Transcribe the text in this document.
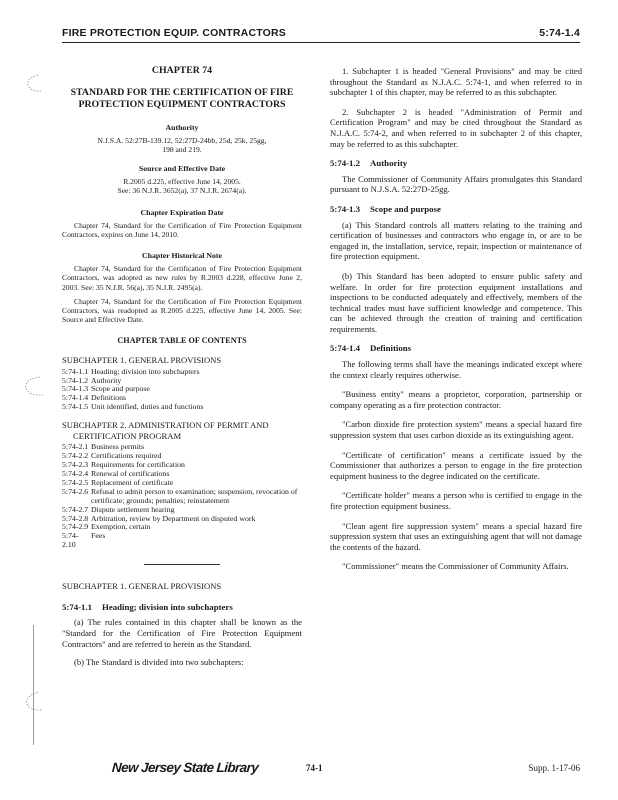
FIRE PROTECTION EQUIP. CONTRACTORS	5:74-1.4
CHAPTER 74
STANDARD FOR THE CERTIFICATION OF FIRE PROTECTION EQUIPMENT CONTRACTORS
Authority
N.J.S.A. 52:27B-139.12, 52:27D-24bb, 25d, 25k, 25gg, 198 and 219.
Source and Effective Date
R.2005 d.225, effective June 14, 2005.
See: 36 N.J.R. 3652(a), 37 N.J.R. 2674(a).
Chapter Expiration Date

Chapter 74, Standard for the Certification of Fire Protection Equipment Contractors, expires on June 14, 2010.

Chapter Historical Note

Chapter 74, Standard for the Certification of Fire Protection Equipment Contractors, was adopted as new rules by R.2003 d.228, effective June 2, 2003. See: 35 N.J.R. 56(a), 35 N.J.R. 2495(a).

Chapter 74, Standard for the Certification of Fire Protection Equipment Contractors, was readopted as R.2005 d.225, effective June 14, 2005. See: Source and Effective Date.

CHAPTER TABLE OF CONTENTS
SUBCHAPTER 1. GENERAL PROVISIONS
5:74-1.1 Heading; division into subchapters
5:74-1.2 Authority
5:74-1.3 Scope and purpose
5:74-1.4 Definitions
5:74-1.5 Unit identified, duties and functions
SUBCHAPTER 2. ADMINISTRATION OF PERMIT AND
CERTIFICATION PROGRAM
5:74-2.1 Business permits
5:74-2.2 Certifications required
5:74-2.3 Requirements for certification
5:74-2.4 Renewal of certifications
5:74-2.5 Replacement of certificate
5:74-2.6 Refusal to admit person to examination; suspension, revocation of certificate; grounds; penalties; reinstatement
5:74-2.7 Dispute settlement hearing
5:74-2.8 Arbitration, review by Department on disputed work
5:74-2.9 Exemption, certain
5:74-2.10
Fees
SUBCHAPTER 1. GENERAL PROVISIONS
5:74-1.1 Heading; division into subchapters

(a) The rules contained in this chapter shall be known as the "Standard for the Certification of Fire Protection Equipment Contractors" and are referred to herein as the Standard.

(b) The Standard is divided into two subchapters:

1. Subchapter 1 is headed "General Provisions" and may be cited throughout the Standard as N.J.A.C. 5:74-1, and when referred to in subchapter 1 of this chapter, may be referred to as this subchapter.

2. Subchapter 2 is headed "Administration of Permit and Certification Program" and may be cited throughout the Standard as N.J.A.C. 5:74-2, and when referred to in subchapter 2 of this chapter, may be referred to as this subchapter.

5:74-1.2 Authority

The Commissioner of Community Affairs promulgates this Standard pursuant to N.J.S.A. 52:27D-25gg.

5:74-1.3 Scope and purpose

(a) This Standard controls all matters relating to the training and certification of businesses and contractors who engage in, or are to be engaged in, the installation, service, repair, inspection or maintenance of fire protection equipment.

(b) This Standard has been adopted to ensure public safety and welfare. In order for fire protection equipment installations and inspections to be conducted adequately and effectively, members of the technical trades must have sufficient knowledge and competence. This can be achieved through the creation of training and certification requirements.

5:74-1.4 Definitions

The following terms shall have the meanings indicated except where the context clearly requires otherwise.

"Business entity" means a proprietor, corporation, partnership or company operating as a fire protection contractor.

"Carbon dioxide fire protection system" means a special hazard fire suppression system that uses carbon dioxide as its extinguishing agent.

"Certificate of certification" means a certificate issued by the Commissioner that authorizes a person to engage in the fire protection equipment business to the degree indicated on the certificate.

"Certificate holder" means a person who is certified to engage in the fire protection equipment business.

"Clean agent fire suppression system" means a special hazard fire suppression system that uses an extinguishing agent that will not damage the contents of the hazard.

"Commissioner" means the Commissioner of Community Affairs.

New Jersey State Library	74-1	Supp. 1-17-06
